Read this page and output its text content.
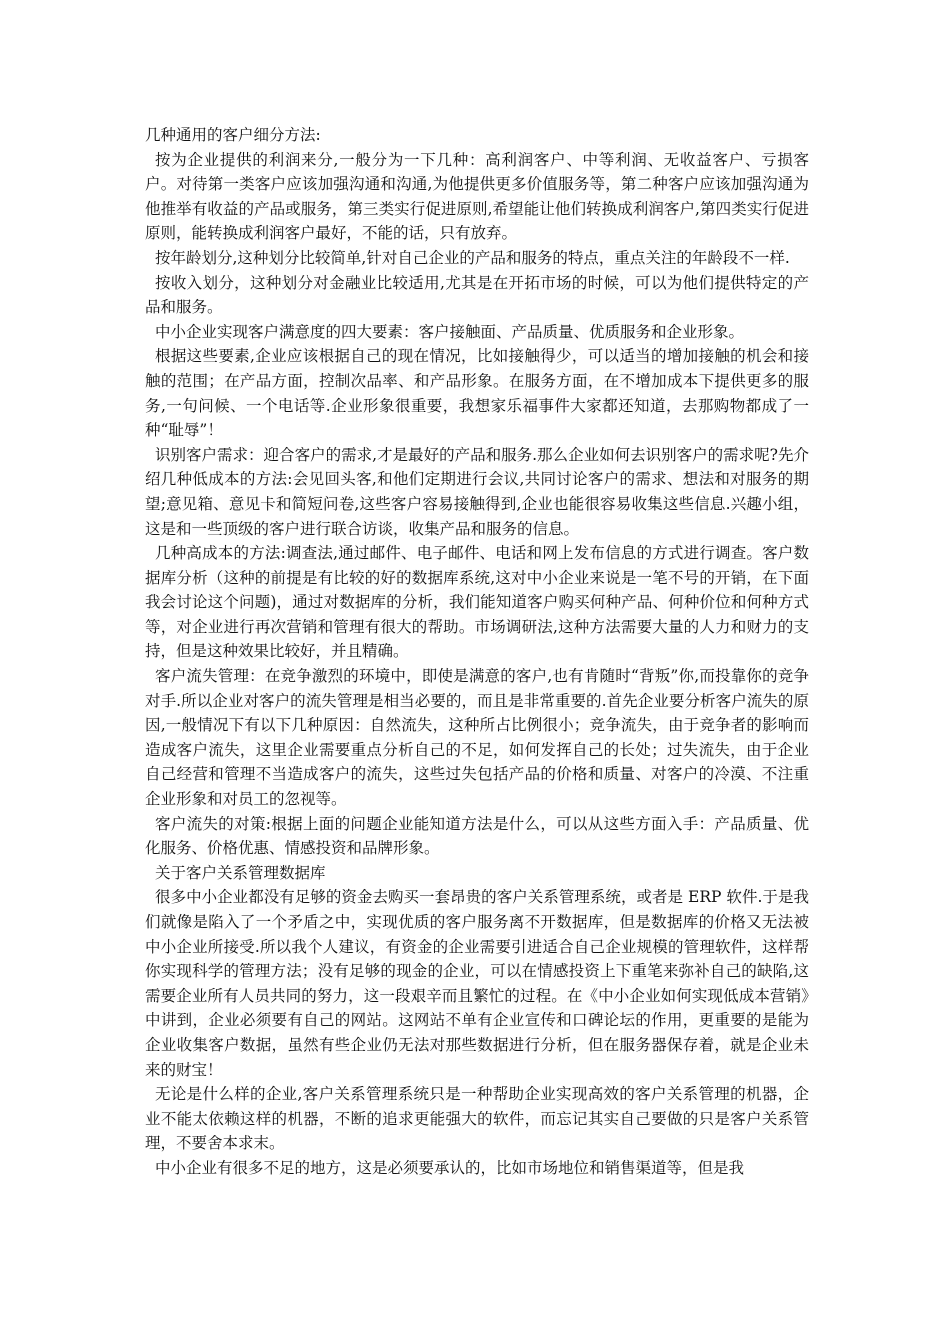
几种通用的客户细分方法:

按为企业提供的利润来分,一般分为一下几种：高利润客户、中等利润、无收益客户、亏损客户。对待第一类客户应该加强沟通和沟通,为他提供更多价值服务等，第二种客户应该加强沟通为他推举有收益的产品或服务，第三类实行促进原则,希望能让他们转换成利润客户,第四类实行促进原则，能转换成利润客户最好，不能的话，只有放弃。

按年龄划分,这种划分比较简单,针对自己企业的产品和服务的特点，重点关注的年龄段不一样.

按收入划分，这种划分对金融业比较适用,尤其是在开拓市场的时候，可以为他们提供特定的产品和服务。

中小企业实现客户满意度的四大要素：客户接触面、产品质量、优质服务和企业形象。

根据这些要素,企业应该根据自己的现在情况，比如接触得少，可以适当的增加接触的机会和接触的范围；在产品方面，控制次品率、和产品形象。在服务方面，在不增加成本下提供更多的服务,一句问候、一个电话等.企业形象很重要，我想家乐福事件大家都还知道，去那购物都成了一种“耻辱”！

识别客户需求：迎合客户的需求,才是最好的产品和服务.那么企业如何去识别客户的需求呢?先介绍几种低成本的方法:会见回头客,和他们定期进行会议,共同讨论客户的需求、想法和对服务的期望;意见箱、意见卡和简短问卷,这些客户容易接触得到,企业也能很容易收集这些信息.兴趣小组，这是和一些顶级的客户进行联合访谈，收集产品和服务的信息。

几种高成本的方法:调查法,通过邮件、电子邮件、电话和网上发布信息的方式进行调查。客户数据库分析（这种的前提是有比较的好的数据库系统,这对中小企业来说是一笔不号的开销，在下面我会讨论这个问题)，通过对数据库的分析，我们能知道客户购买何种产品、何种价位和何种方式等，对企业进行再次营销和管理有很大的帮助。市场调研法,这种方法需要大量的人力和财力的支持，但是这种效果比较好，并且精确。

客户流失管理：在竞争激烈的环境中，即使是满意的客户,也有肯随时“背叛”你,而投靠你的竞争对手.所以企业对客户的流失管理是相当必要的，而且是非常重要的.首先企业要分析客户流失的原因,一般情况下有以下几种原因：自然流失，这种所占比例很小；竞争流失，由于竞争者的影响而造成客户流失，这里企业需要重点分析自己的不足，如何发挥自己的长处；过失流失，由于企业自己经营和管理不当造成客户的流失，这些过失包括产品的价格和质量、对客户的冷漠、不注重企业形象和对员工的忽视等。

客户流失的对策:根据上面的问题企业能知道方法是什么，可以从这些方面入手：产品质量、优化服务、价格优惠、情感投资和品牌形象。

关于客户关系管理数据库

很多中小企业都没有足够的资金去购买一套昂贵的客户关系管理系统，或者是 ERP 软件.于是我们就像是陷入了一个矛盾之中，实现优质的客户服务离不开数据库，但是数据库的价格又无法被中小企业所接受.所以我个人建议，有资金的企业需要引进适合自己企业规模的管理软件，这样帮你实现科学的管理方法；没有足够的现金的企业，可以在情感投资上下重笔来弥补自己的缺陷,这需要企业所有人员共同的努力，这一段艰辛而且繁忙的过程。在《中小企业如何实现低成本营销》中讲到，企业必须要有自己的网站。这网站不单有企业宣传和口碑论坛的作用，更重要的是能为企业收集客户数据，虽然有些企业仍无法对那些数据进行分析，但在服务器保存着，就是企业未来的财宝！

无论是什么样的企业,客户关系管理系统只是一种帮助企业实现高效的客户关系管理的机器，企业不能太依赖这样的机器，不断的追求更能强大的软件，而忘记其实自己要做的只是客户关系管理，不要舍本求末。

中小企业有很多不足的地方，这是必须要承认的，比如市场地位和销售渠道等，但是我
